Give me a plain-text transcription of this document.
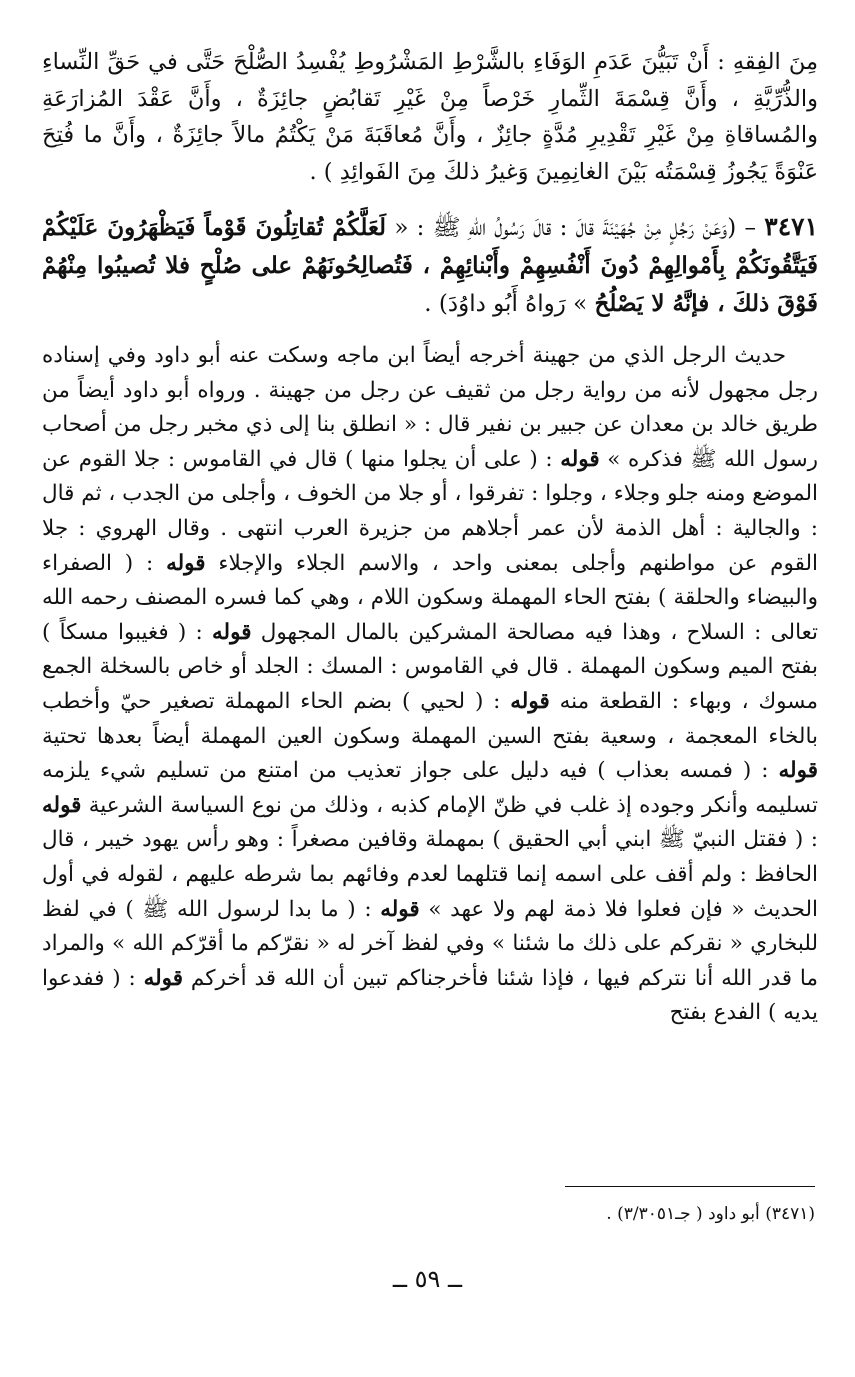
مِنَ الفِقهِ : أَنْ تَبَيُّنَ عَدَمِ الوَفَاءِ بالشَّرْطِ المَشْرُوطِ يُفْسِدُ الصُّلْحَ حَتَّى في حَقِّ النِّساءِ والذُّرِّيَّةِ ، وأَنَّ قِسْمَةَ الثِّمارِ خَرْصاً مِنْ غَيْرِ تَقابُضٍ جائِزَةٌ ، وأَنَّ عَقْدَ المُزارَعَةِ والمُساقاةِ مِنْ غَيْرِ تَقْدِيرِ مُدَّةٍ جائِزٌ ، وأَنَّ مُعاقَبَةَ مَنْ يَكْتُمُ مالاً جائِزَةٌ ، وأَنَّ ما فُتِحَ عَنْوَةً يَجُوزُ قِسْمَتُه بَيْنَ الغانِمِينَ وَغيرُ ذلكَ مِنَ الفَوائِدِ ) .

٣٤٧١ – (وَعَنْ رَجُلٍ مِنْ جُهَيْنَةَ قالَ : قالَ رَسُولُ اللهِ ﷺ : « لَعَلَّكُمْ تُقاتِلُونَ قَوْماً فَيَظْهَرُونَ عَلَيْكُمْ فَيَتَّقُونَكُمْ بِأَمْوالِهِمْ دُونَ أَنْفُسِهِمْ وأَبْنائِهِمْ ، فَتُصالِحُونَهُمْ على صُلْحٍ فلا تُصيبُوا مِنْهُمْ فَوْقَ ذلكَ ، فإنَّهُ لا يَصْلُحُ » رَواهُ أَبُو داوُدَ) .

حديث الرجل الذي من جهينة أخرجه أيضاً ابن ماجه وسكت عنه أبو داود وفي إسناده رجل مجهول لأنه من رواية رجل من ثقيف عن رجل من جهينة . ورواه أبو داود أيضاً من طريق خالد بن معدان عن جبير بن نفير قال : « انطلق بنا إلى ذي مخبر رجل من أصحاب رسول الله ﷺ فذكره » قوله : ( على أن يجلوا منها ) قال في القاموس : جلا القوم عن الموضع ومنه جلو وجلاء ، وجلوا : تفرقوا ، أو جلا من الخوف ، وأجلى من الجدب ، ثم قال : والجالية : أهل الذمة لأن عمر أجلاهم من جزيرة العرب انتهى . وقال الهروي : جلا القوم عن مواطنهم وأجلى بمعنى واحد ، والاسم الجلاء والإجلاء قوله : ( الصفراء والبيضاء والحلقة ) بفتح الحاء المهملة وسكون اللام ، وهي كما فسره المصنف رحمه الله تعالى : السلاح ، وهذا فيه مصالحة المشركين بالمال المجهول قوله : ( فغيبوا مسكاً ) بفتح الميم وسكون المهملة . قال في القاموس : المسك : الجلد أو خاص بالسخلة الجمع مسوك ، وبهاء : القطعة منه قوله : ( لحيي ) بضم الحاء المهملة تصغير حيّ وأخطب بالخاء المعجمة ، وسعية بفتح السين المهملة وسكون العين المهملة أيضاً بعدها تحتية قوله : ( فمسه بعذاب ) فيه دليل على جواز تعذيب من امتنع من تسليم شيء يلزمه تسليمه وأنكر وجوده إذ غلب في ظنّ الإمام كذبه ، وذلك من نوع السياسة الشرعية قوله : ( فقتل النبيّ ﷺ ابني أبي الحقيق ) بمهملة وقافين مصغراً : وهو رأس يهود خيبر ، قال الحافظ : ولم أقف على اسمه إنما قتلهما لعدم وفائهم بما شرطه عليهم ، لقوله في أول الحديث « فإن فعلوا فلا ذمة لهم ولا عهد » قوله : ( ما بدا لرسول الله ﷺ ) في لفظ للبخاري « نقركم على ذلك ما شئنا » وفي لفظ آخر له « نقرّكم ما أقرّكم الله » والمراد ما قدر الله أنا نتركم فيها ، فإذا شئنا فأخرجناكم تبين أن الله قد أخركم قوله : ( ففدعوا يديه ) الفدع بفتح

(٣٤٧١) أبو داود ( جـ٣/٣٠٥١) .
ــ ٥٩ ــ
